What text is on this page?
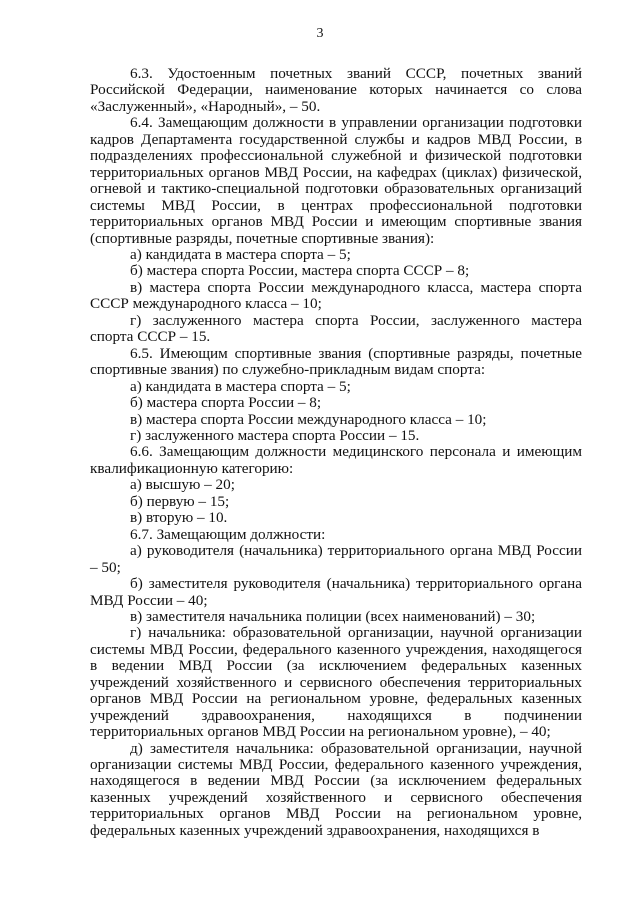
3

6.3. Удостоенным почетных званий СССР, почетных званий Российской Федерации, наименование которых начинается со слова «Заслуженный», «Народный», – 50.

6.4. Замещающим должности в управлении организации подготовки кадров Департамента государственной службы и кадров МВД России, в подразделениях профессиональной служебной и физической подготовки территориальных органов МВД России, на кафедрах (циклах) физической, огневой и тактико-специальной подготовки образовательных организаций системы МВД России, в центрах профессиональной подготовки территориальных органов МВД России и имеющим спортивные звания (спортивные разряды, почетные спортивные звания):

а) кандидата в мастера спорта – 5;

б) мастера спорта России, мастера спорта СССР – 8;

в) мастера спорта России международного класса, мастера спорта СССР международного класса – 10;

г) заслуженного мастера спорта России, заслуженного мастера спорта СССР – 15.

6.5. Имеющим спортивные звания (спортивные разряды, почетные спортивные звания) по служебно-прикладным видам спорта:

а) кандидата в мастера спорта – 5;

б) мастера спорта России – 8;

в) мастера спорта России международного класса – 10;

г) заслуженного мастера спорта России – 15.

6.6. Замещающим должности медицинского персонала и имеющим квалификационную категорию:

а) высшую – 20;

б) первую – 15;

в) вторую – 10.

6.7. Замещающим должности:

а) руководителя (начальника) территориального органа МВД России – 50;

б) заместителя руководителя (начальника) территориального органа МВД России – 40;

в) заместителя начальника полиции (всех наименований) – 30;

г) начальника: образовательной организации, научной организации системы МВД России, федерального казенного учреждения, находящегося в ведении МВД России (за исключением федеральных казенных учреждений хозяйственного и сервисного обеспечения территориальных органов МВД России на региональном уровне, федеральных казенных учреждений здравоохранения, находящихся в подчинении территориальных органов МВД России на региональном уровне), – 40;

д) заместителя начальника: образовательной организации, научной организации системы МВД России, федерального казенного учреждения, находящегося в ведении МВД России (за исключением федеральных казенных учреждений хозяйственного и сервисного обеспечения территориальных органов МВД России на региональном уровне, федеральных казенных учреждений здравоохранения, находящихся в
